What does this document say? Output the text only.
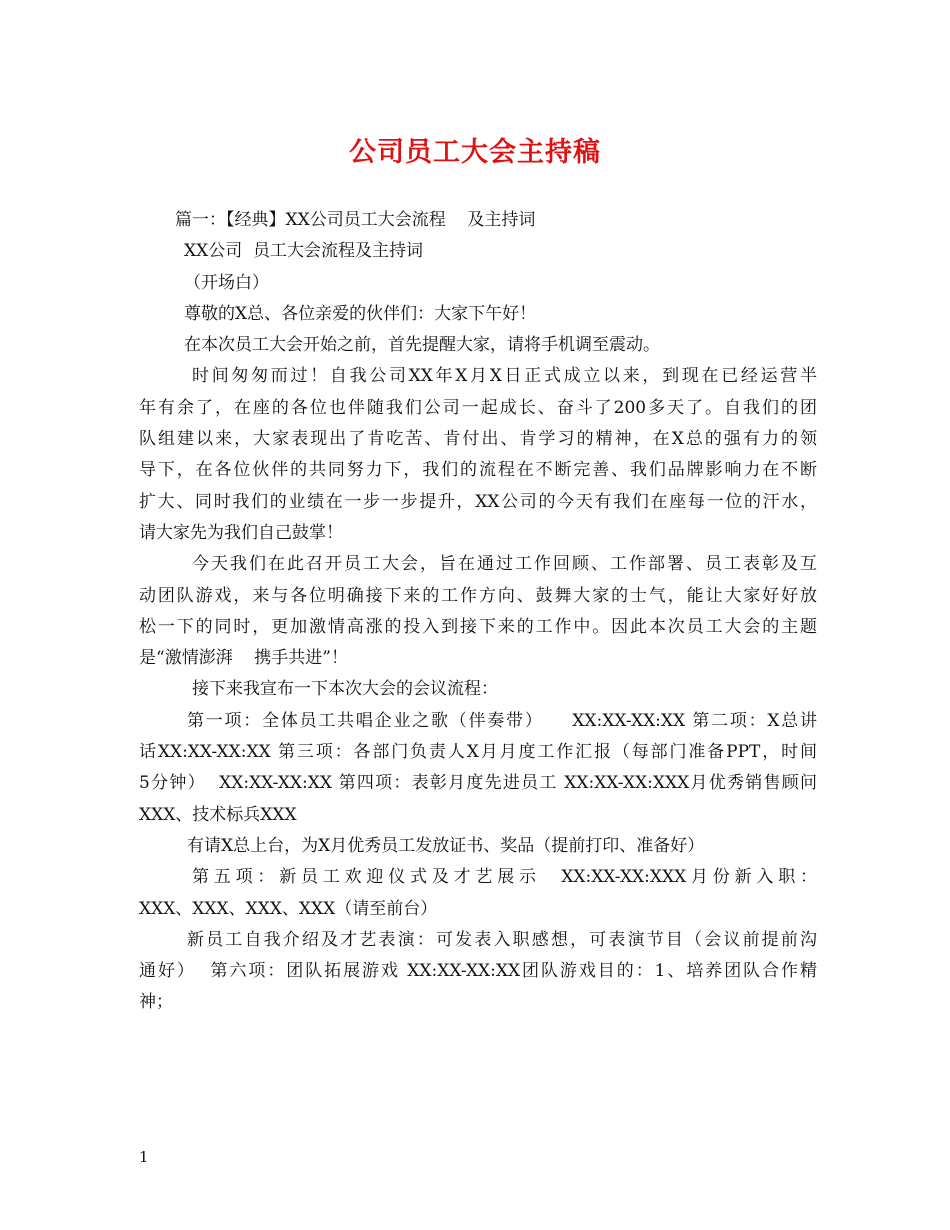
公司员工大会主持稿
篇一：【经典】XX公司员工大会流程    及主持词
XX公司  员工大会流程及主持词
（开场白）
尊敬的X总、各位亲爱的伙伴们：大家下午好！
在本次员工大会开始之前，首先提醒大家，请将手机调至震动。
时间匆匆而过！自我公司XX年X月X日正式成立以来，到现在已经运营半
年有余了，在座的各位也伴随我们公司一起成长、奋斗了200多天了。自我们的团
队组建以来，大家表现出了肯吃苦、肯付出、肯学习的精神，在X总的强有力的领
导下，在各位伙伴的共同努力下，我们的流程在不断完善、我们品牌影响力在不断
扩大、同时我们的业绩在一步一步提升，XX公司的今天有我们在座每一位的汗水，
请大家先为我们自己鼓掌！
今天我们在此召开员工大会，旨在通过工作回顾、工作部署、员工表彰及互
动团队游戏，来与各位明确接下来的工作方向、鼓舞大家的士气，能让大家好好放
松一下的同时，更加激情高涨的投入到接下来的工作中。因此本次员工大会的主题
是“激情澎湃    携手共进”！
接下来我宣布一下本次大会的会议流程：
第一项：全体员工共唱企业之歌（伴奏带）    XX:XX-XX:XX 第二项：X总讲
话XX:XX-XX:XX 第三项：各部门负责人X月月度工作汇报（每部门准备PPT，时间
5分钟）  XX:XX-XX:XX 第四项：表彰月度先进员工 XX:XX-XX:XXX月优秀销售顾问
XXX、技术标兵XXX
有请X总上台，为X月优秀员工发放证书、奖品（提前打印、准备好）
第五项：新员工欢迎仪式及才艺展示  XX:XX-XX:XXX月份新入职：
XXX、XXX、XXX、XXX（请至前台）
新员工自我介绍及才艺表演：可发表入职感想，可表演节目（会议前提前沟
通好）  第六项：团队拓展游戏 XX:XX-XX:XX团队游戏目的：1、培养团队合作精
神；
1
